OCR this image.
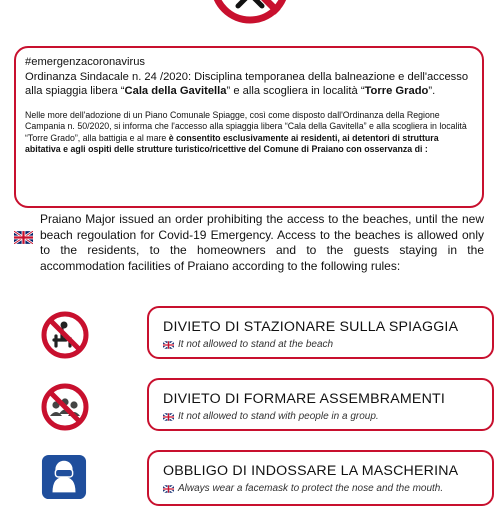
#emergenzacoronavirus
Ordinanza Sindacale n. 24 /2020: Disciplina temporanea della balneazione e dell'accesso alla spiaggia libera “Cala della Gavitella” e alla scogliera in località “Torre Grado”.
Nelle more dell'adozione di un Piano Comunale Spiagge, così come disposto dall'Ordinanza della Regione Campania n. 50/2020, si informa che l'accesso alla spiaggia libera “Cala della Gavitella” e alla scogliera in località “Torre Grado”, alla battigia e al mare è consentito esclusivamente ai residenti, ai detentori di struttura abitativa e agli ospiti delle strutture turistico/ricettive del Comune di Praiano con osservanza di :
Praiano Major issued an order prohibiting the access to the beaches, until the new beach regoulation for Covid-19 Emergency. Access to the beaches is allowed only to the residents, to the homeowners and to the guests staying in the accommodation facilities of Praiano according to the following rules:
DIVIETO DI STAZIONARE SULLA SPIAGGIA
It not allowed to stand at the beach
DIVIETO DI FORMARE ASSEMBRAMENTI
It not allowed to stand with people in a group.
OBBLIGO DI INDOSSARE LA MASCHERINA
Always wear a facemask to protect the nose and the mouth.
